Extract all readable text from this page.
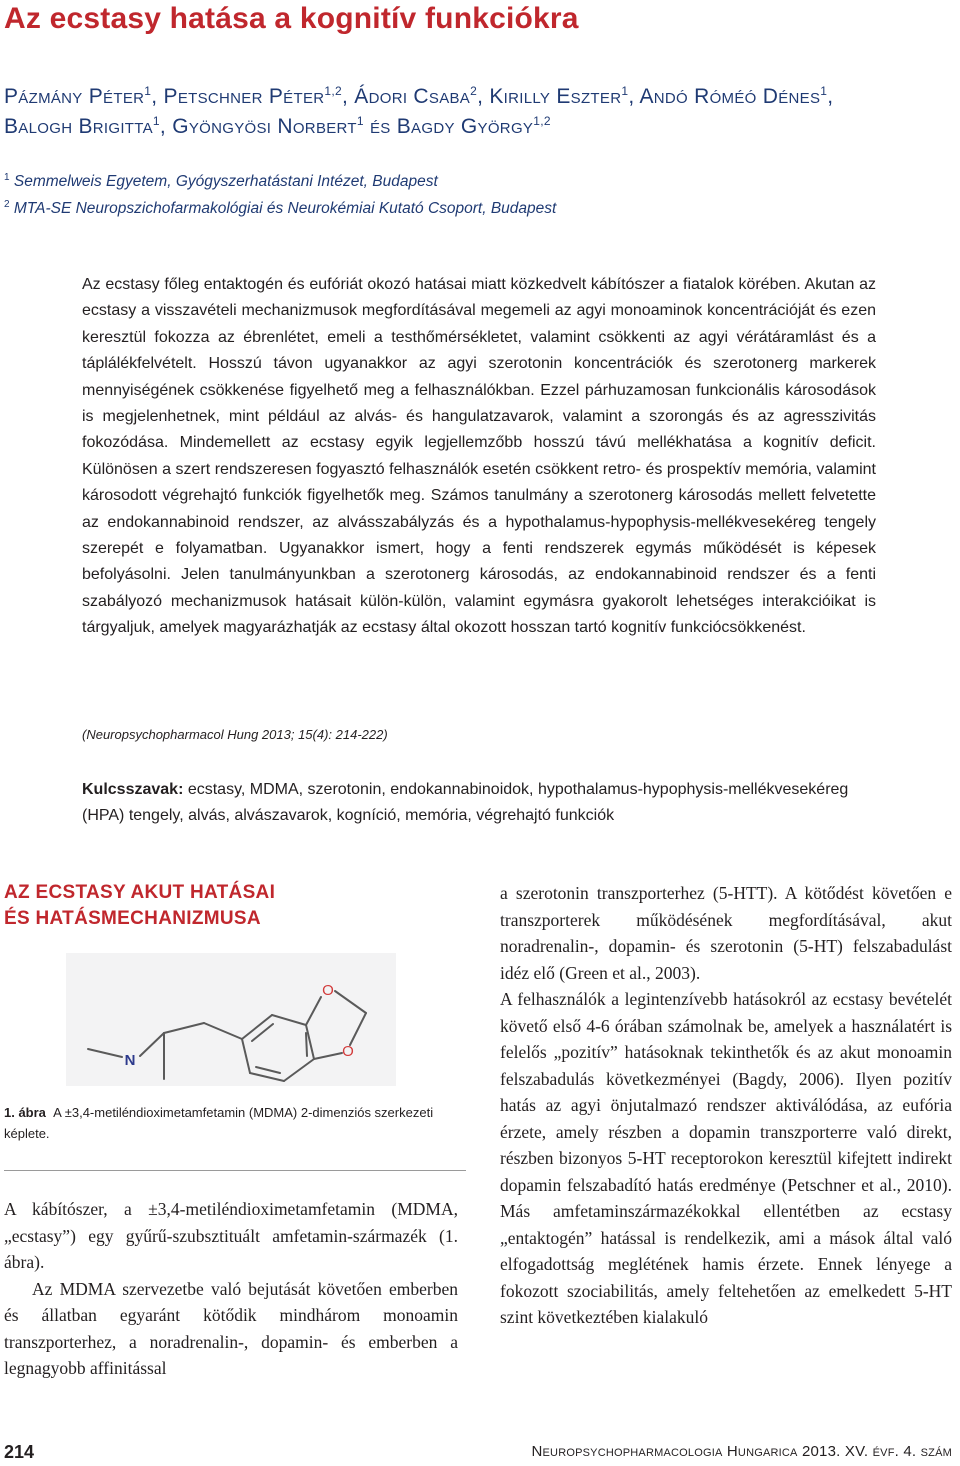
Az ecstasy hatása a kognitív funkciókra
Pázmány Péter$^1$, Petschner Péter$^{1,2}$, Ádori Csaba$^2$, Kirilly Eszter$^1$, Andó Róméó Dénes$^1$,
Balogh Brigitta$^1$, Gyöngyösi Norbert$^1$ és Bagdy György$^{1,2}$
$^1$ Semmelweis Egyetem, Gyógyszerhatástani Intézet, Budapest
$^2$ MTA-SE Neuropszichofarmakológiai és Neurokémiai Kutató Csoport, Budapest
Az ecstasy főleg entaktogén és eufóriát okozó hatásai miatt közkedvelt kábítószer a fiatalok körében. Akutan az ecstasy a visszavételi mechanizmusok megfordításával megemeli az agyi monoaminok koncentrációját és ezen keresztül fokozza az ébrenlétet, emeli a testhőmérsékletet, valamint csökkenti az agyi vérátáramlást és a táplálékfelvételt. Hosszú távon ugyanakkor az agyi szerotonin koncentrációk és szerotonerg markerek mennyiségének csökkenése figyelhető meg a felhasználókban. Ezzel párhuzamosan funkcionális károsodások is megjelenhetnek, mint például az alvás- és hangulatzavarok, valamint a szorongás és az agresszivitás fokozódása. Mindemellett az ecstasy egyik legjellemzőbb hosszú távú mellékhatása a kognitív deficit. Különösen a szert rendszeresen fogyasztó felhasználók esetén csökkent retro- és prospektív memória, valamint károsodott végrehajtó funkciók figyelhetők meg. Számos tanulmány a szerotonerg károsodás mellett felvetette az endokannabinoid rendszer, az alvásszabályzás és a hypothalamus-hypophysis-mellékvesekéreg tengely szerepét e folyamatban. Ugyanakkor ismert, hogy a fenti rendszerek egymás működését is képesek befolyásolni. Jelen tanulmányunkban a szerotonerg károsodás, az endokannabinoid rendszer és a fenti szabályozó mechanizmusok hatásait külön-külön, valamint egymásra gyakorolt lehetséges interakcióikat is tárgyaljuk, amelyek magyarázhatják az ecstasy által okozott hosszan tartó kognitív funkciócsökkenést.
(Neuropsychopharmacol Hung 2013; 15(4): 214-222)
Kulcsszavak: ecstasy, MDMA, szerotonin, endokannabinoidok, hypothalamus-hypophysis-mellékvesekéreg (HPA) tengely, alvás, alvászavarok, kogníció, memória, végrehajtó funkciók
AZ ECSTASY AKUT HATÁSAI
ÉS HATÁSMECHANIZMUSA
O
O
N
1. ábra A ±3,4-metiléndioximetamfetamin (MDMA) 2-dimenziós szerkezeti képlete.

A kábítószer, a ±3,4-metiléndioximetamfetamin (MDMA, „ecstasy”) egy gyűrű-szubsztituált amfetamin-származék (1. ábra).

Az MDMA szervezetbe való bejutását követően emberben és állatban egyaránt kötődik mindhárom monoamin transzporterhez, a noradrenalin-, dopamin- és emberben a legnagyobb affinitással

a szerotonin transzporterhez (5-HTT). A kötődést követően e transzporterek működésének megfordításával, akut noradrenalin-, dopamin- és szerotonin (5-HT) felszabadulást idéz elő (Green et al., 2003).

A felhasználók a legintenzívebb hatásokról az ecstasy bevételét követő első 4-6 órában számolnak be, amelyek a használatért is felelős „pozitív” hatásoknak tekinthetők és az akut monoamin felszabadulás következményei (Bagdy, 2006). Ilyen pozitív hatás az agyi önjutalmazó rendszer aktiválódása, az eufória érzete, amely részben a dopamin transzporterre való direkt, részben bizonyos 5-HT receptorokon keresztül kifejtett indirekt dopamin felszabadító hatás eredménye (Petschner et al., 2010). Más amfetaminszármazékokkal ellentétben az ecstasy „entaktogén” hatással is rendelkezik, ami a mások által való elfogadottság meglétének hamis érzete. Ennek lényege a fokozott szociabilitás, amely feltehetően az emelkedett 5-HT szint következtében kialakuló

214	Neuropsychopharmacologia Hungarica 2013. XV. évf. 4. szám
